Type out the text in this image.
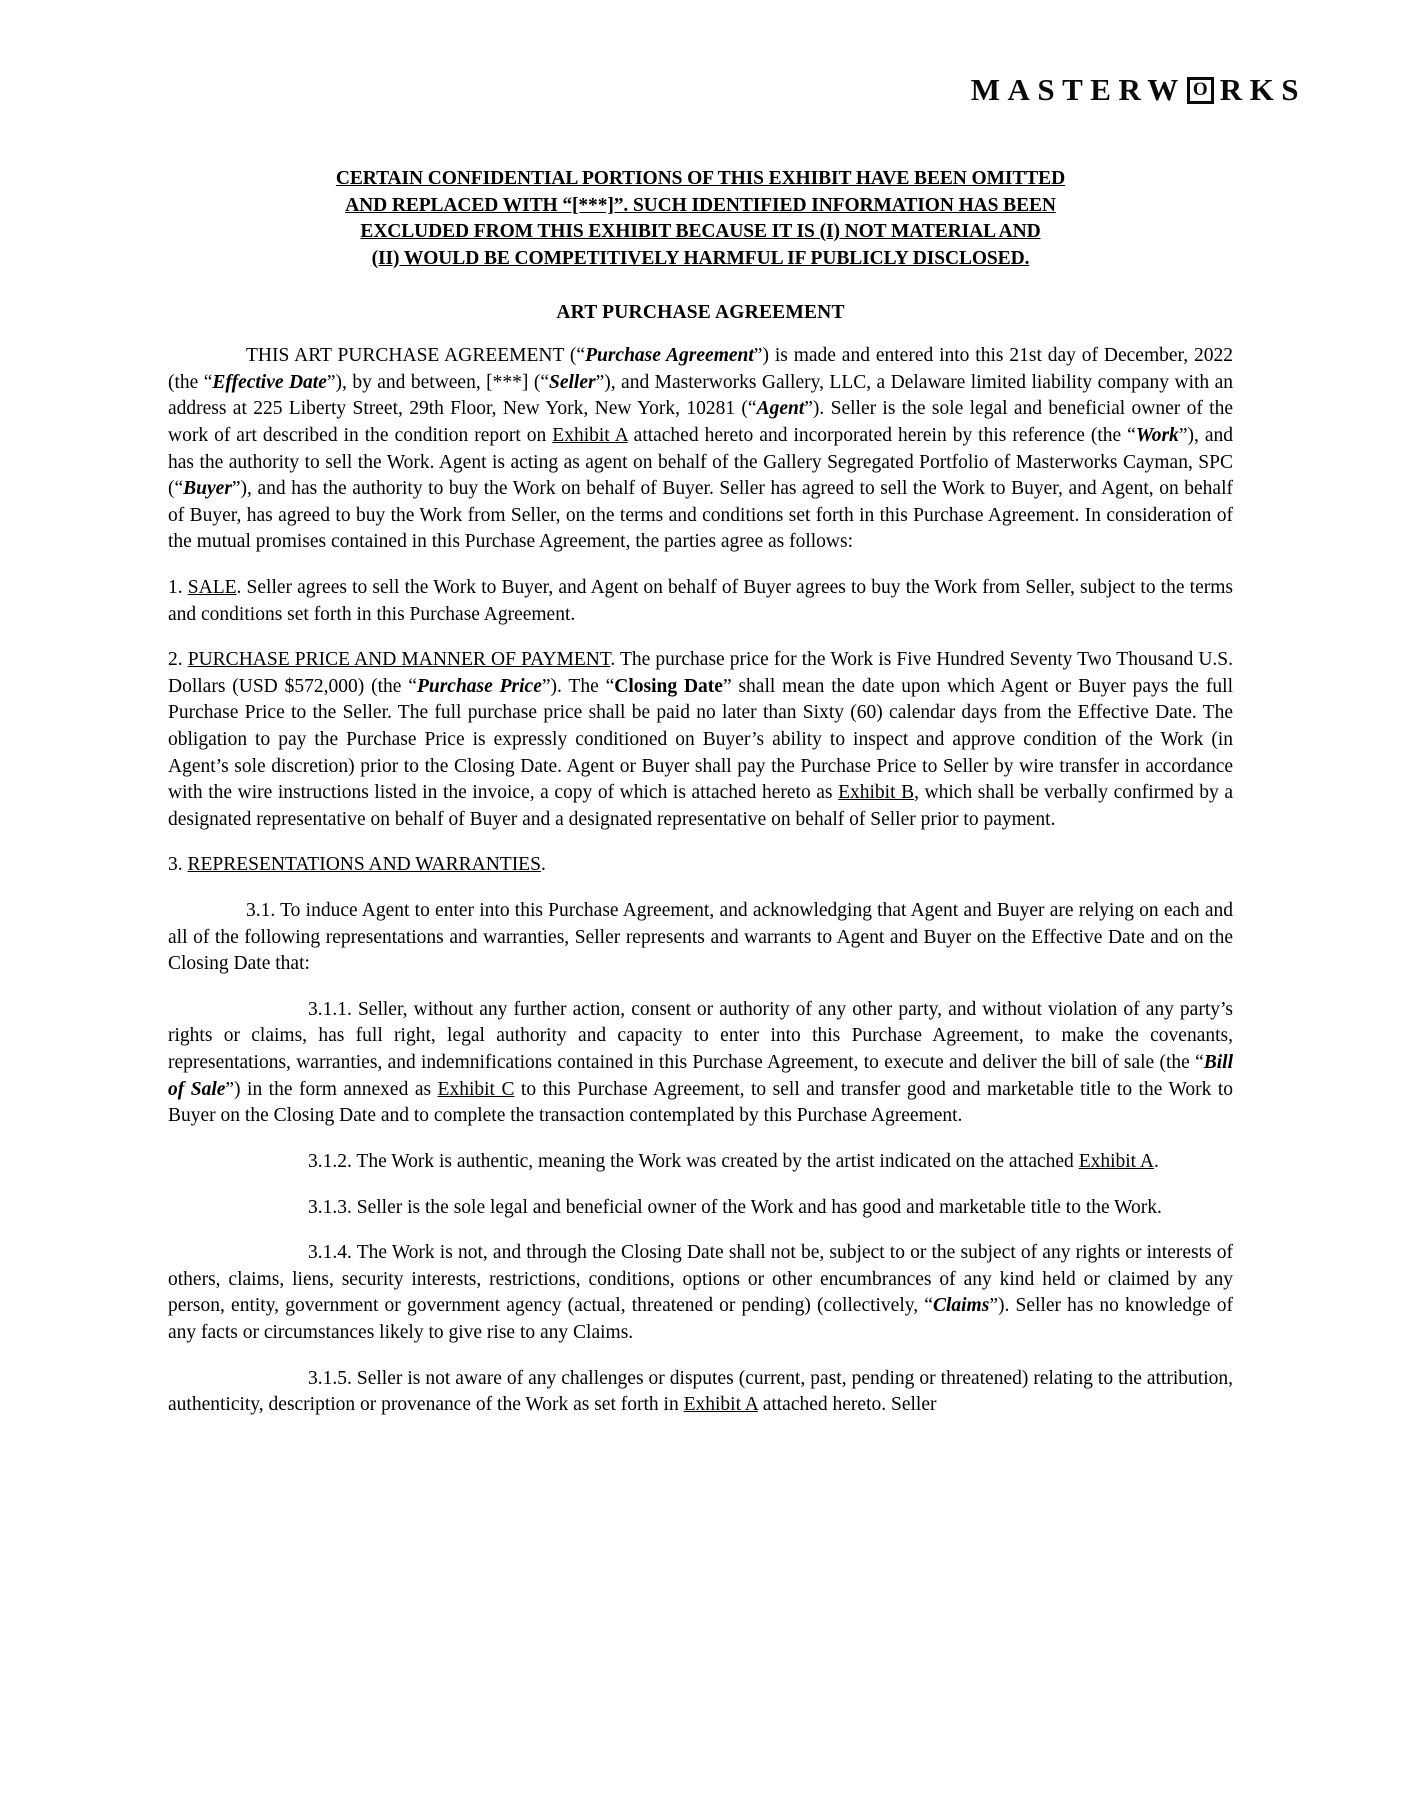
MASTERW O RKS
CERTAIN CONFIDENTIAL PORTIONS OF THIS EXHIBIT HAVE BEEN OMITTED
AND REPLACED WITH “[***]”. SUCH IDENTIFIED INFORMATION HAS BEEN
EXCLUDED FROM THIS EXHIBIT BECAUSE IT IS (I) NOT MATERIAL AND
(II) WOULD BE COMPETITIVELY HARMFUL IF PUBLICLY DISCLOSED.
ART PURCHASE AGREEMENT

THIS ART PURCHASE AGREEMENT (“Purchase Agreement”) is made and entered into this 21st day of December, 2022 (the “Effective Date”), by and between, [***] (“Seller”), and Masterworks Gallery, LLC, a Delaware limited liability company with an address at 225 Liberty Street, 29th Floor, New York, New York, 10281 (“Agent”). Seller is the sole legal and beneficial owner of the work of art described in the condition report on Exhibit A attached hereto and incorporated herein by this reference (the “Work”), and has the authority to sell the Work. Agent is acting as agent on behalf of the Gallery Segregated Portfolio of Masterworks Cayman, SPC (“Buyer”), and has the authority to buy the Work on behalf of Buyer. Seller has agreed to sell the Work to Buyer, and Agent, on behalf of Buyer, has agreed to buy the Work from Seller, on the terms and conditions set forth in this Purchase Agreement. In consideration of the mutual promises contained in this Purchase Agreement, the parties agree as follows:

1. SALE. Seller agrees to sell the Work to Buyer, and Agent on behalf of Buyer agrees to buy the Work from Seller, subject to the terms and conditions set forth in this Purchase Agreement.

2. PURCHASE PRICE AND MANNER OF PAYMENT. The purchase price for the Work is Five Hundred Seventy Two Thousand U.S. Dollars (USD $572,000) (the “Purchase Price”). The “Closing Date” shall mean the date upon which Agent or Buyer pays the full Purchase Price to the Seller. The full purchase price shall be paid no later than Sixty (60) calendar days from the Effective Date. The obligation to pay the Purchase Price is expressly conditioned on Buyer’s ability to inspect and approve condition of the Work (in Agent’s sole discretion) prior to the Closing Date. Agent or Buyer shall pay the Purchase Price to Seller by wire transfer in accordance with the wire instructions listed in the invoice, a copy of which is attached hereto as Exhibit B, which shall be verbally confirmed by a designated representative on behalf of Buyer and a designated representative on behalf of Seller prior to payment.

3. REPRESENTATIONS AND WARRANTIES.

3.1. To induce Agent to enter into this Purchase Agreement, and acknowledging that Agent and Buyer are relying on each and all of the following representations and warranties, Seller represents and warrants to Agent and Buyer on the Effective Date and on the Closing Date that:

3.1.1. Seller, without any further action, consent or authority of any other party, and without violation of any party’s rights or claims, has full right, legal authority and capacity to enter into this Purchase Agreement, to make the covenants, representations, warranties, and indemnifications contained in this Purchase Agreement, to execute and deliver the bill of sale (the “Bill of Sale”) in the form annexed as Exhibit C to this Purchase Agreement, to sell and transfer good and marketable title to the Work to Buyer on the Closing Date and to complete the transaction contemplated by this Purchase Agreement.

3.1.2. The Work is authentic, meaning the Work was created by the artist indicated on the attached Exhibit A.

3.1.3. Seller is the sole legal and beneficial owner of the Work and has good and marketable title to the Work.

3.1.4. The Work is not, and through the Closing Date shall not be, subject to or the subject of any rights or interests of others, claims, liens, security interests, restrictions, conditions, options or other encumbrances of any kind held or claimed by any person, entity, government or government agency (actual, threatened or pending) (collectively, “Claims”). Seller has no knowledge of any facts or circumstances likely to give rise to any Claims.

3.1.5. Seller is not aware of any challenges or disputes (current, past, pending or threatened) relating to the attribution, authenticity, description or provenance of the Work as set forth in Exhibit A attached hereto. Seller
